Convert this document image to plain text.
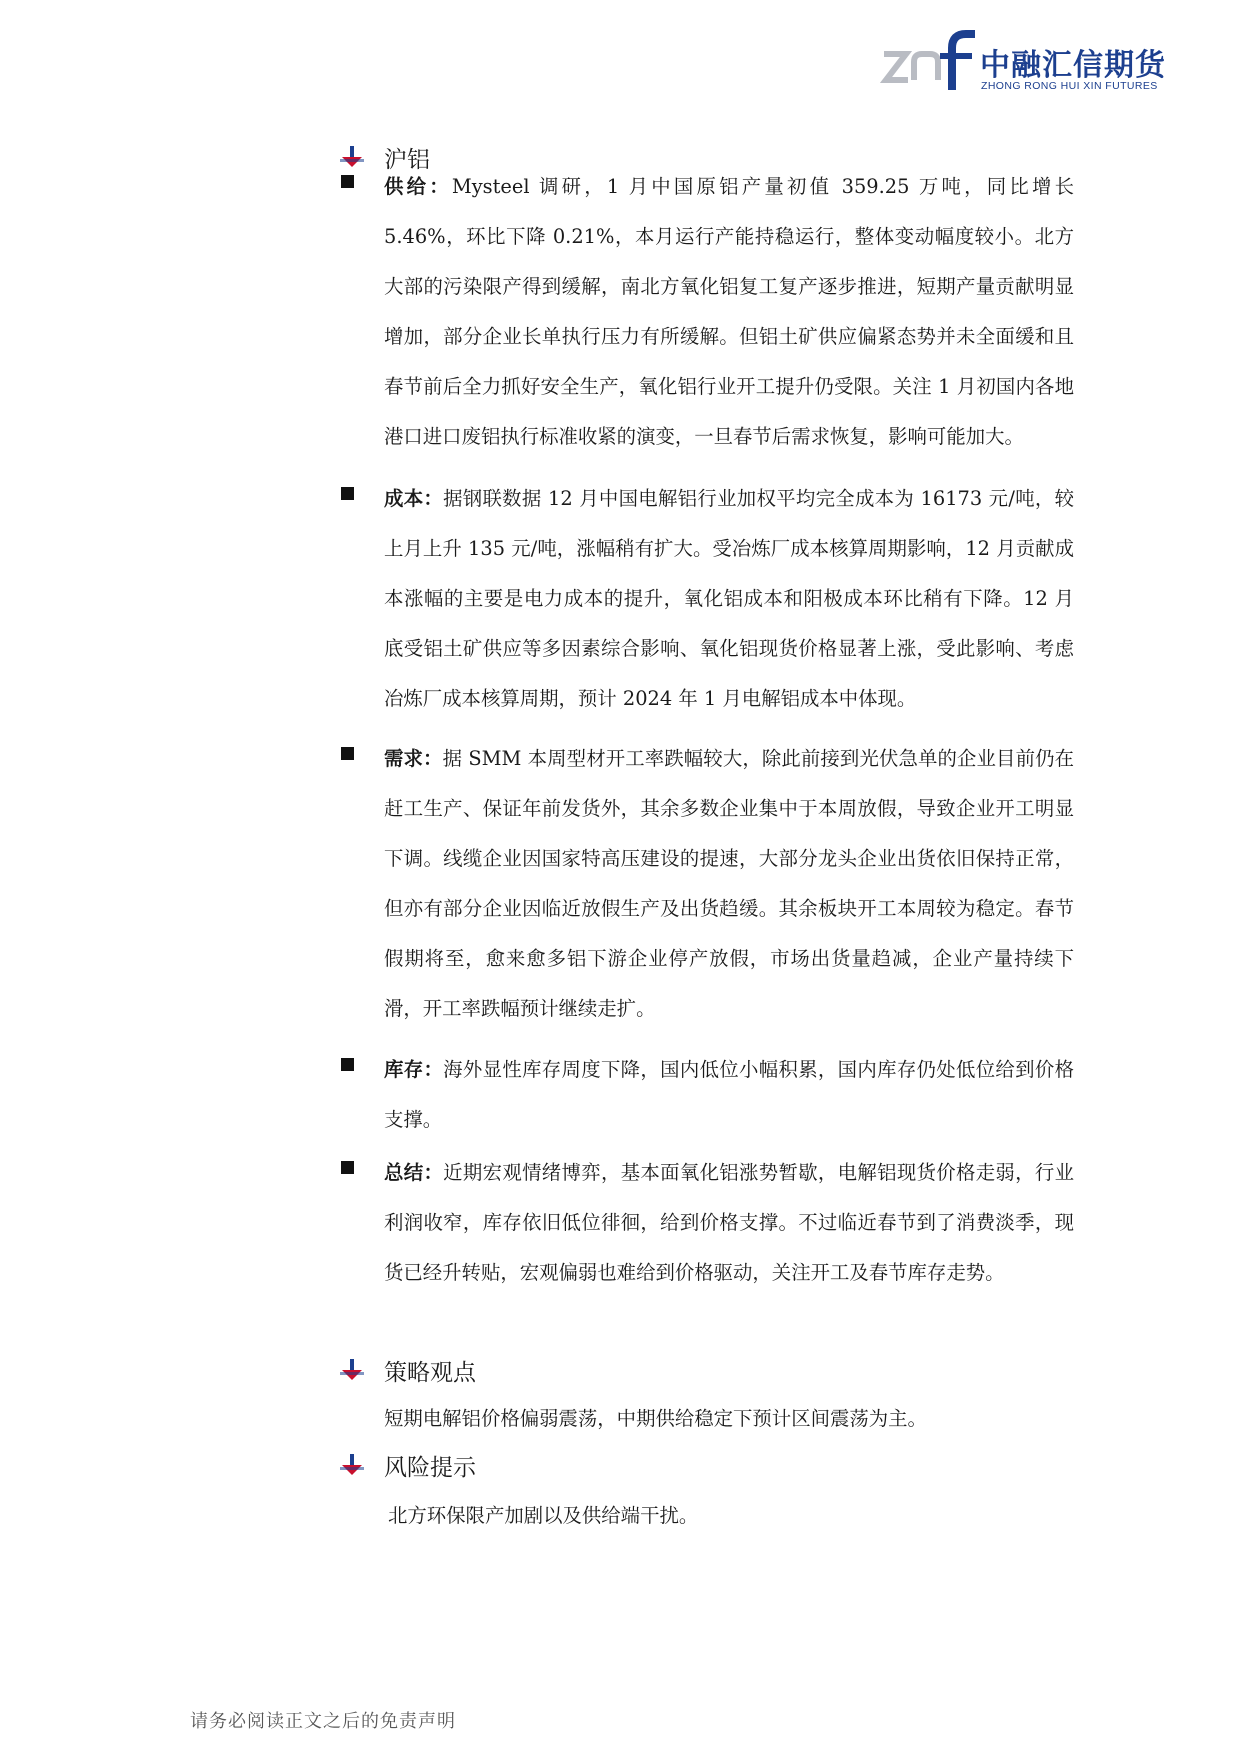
中融汇信期货
ZHONG RONG HUI XIN FUTURES
沪铝

供给：Mysteel 调研，1 月中国原铝产量初值 359.25 万吨，同比增长 5.46%，环比下降 0.21%，本月运行产能持稳运行，整体变动幅度较小。北方大部的污染限产得到缓解，南北方氧化铝复工复产逐步推进，短期产量贡献明显增加，部分企业长单执行压力有所缓解。但铝土矿供应偏紧态势并未全面缓和且春节前后全力抓好安全生产，氧化铝行业开工提升仍受限。关注 1 月初国内各地港口进口废铝执行标准收紧的演变，一旦春节后需求恢复，影响可能加大。

成本：据钢联数据 12 月中国电解铝行业加权平均完全成本为 16173 元/吨，较上月上升 135 元/吨，涨幅稍有扩大。受冶炼厂成本核算周期影响，12 月贡献成本涨幅的主要是电力成本的提升，氧化铝成本和阳极成本环比稍有下降。12 月底受铝土矿供应等多因素综合影响、氧化铝现货价格显著上涨，受此影响、考虑冶炼厂成本核算周期，预计 2024 年 1 月电解铝成本中体现。

需求：据 SMM 本周型材开工率跌幅较大，除此前接到光伏急单的企业目前仍在赶工生产、保证年前发货外，其余多数企业集中于本周放假，导致企业开工明显下调。线缆企业因国家特高压建设的提速，大部分龙头企业出货依旧保持正常，但亦有部分企业因临近放假生产及出货趋缓。其余板块开工本周较为稳定。春节假期将至，愈来愈多铝下游企业停产放假，市场出货量趋减，企业产量持续下滑，开工率跌幅预计继续走扩。

库存：海外显性库存周度下降，国内低位小幅积累，国内库存仍处低位给到价格支撑。

总结：近期宏观情绪博弈，基本面氧化铝涨势暂歇，电解铝现货价格走弱，行业利润收窄，库存依旧低位徘徊，给到价格支撑。不过临近春节到了消费淡季，现货已经升转贴，宏观偏弱也难给到价格驱动，关注开工及春节库存走势。

策略观点
短期电解铝价格偏弱震荡，中期供给稳定下预计区间震荡为主。
风险提示
北方环保限产加剧以及供给端干扰。
请务必阅读正文之后的免责声明
